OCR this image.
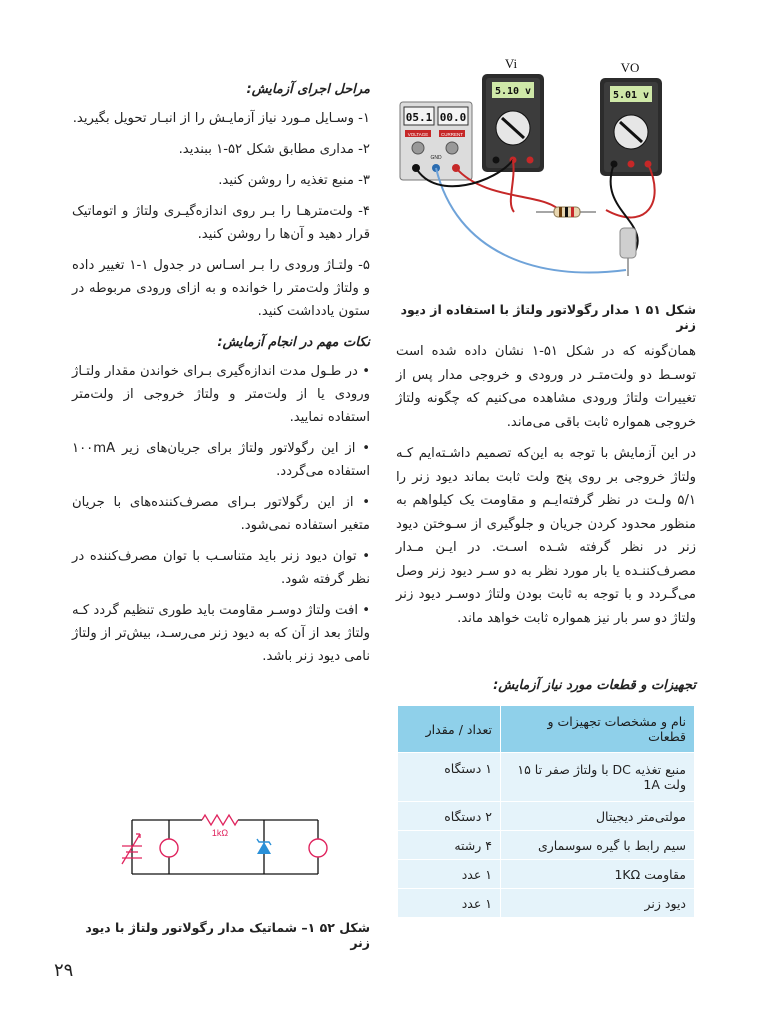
مراحل اجرای آزمایش:

۱- وسـایل مـورد نیاز آزمایـش را از انبـار تحویل بگیرید.

۲- مداری مطابق شکل ۵۲-۱ ببندید.

۳- منبع تغذیه را روشن کنید.

۴- ولت‌مترهـا را بـر روی اندازه‌گیـری ولتاژ و اتوماتیک قرار دهید و آن‌ها را روشن کنید.

۵- ولتـاژ ورودی را بـر اسـاس در جدول ۱-۱ تغییر داده و ولتاژ ولت‌متر را خوانده و به ازای ورودی مربوطه در ستون یادداشت کنید.

نکات مهم در انجام آزمایش:

• در طـول مدت اندازه‌گیری بـرای خواندن مقدار ولتـاژ ورودی یا از ولت‌متر و ولتاژ خروجی از ولت‌متر استفاده نمایید.

• از این رگولاتور ولتاژ برای جریان‌های زیر ۱۰۰mA استفاده می‌گردد.

• از این رگولاتور بـرای مصرف‌کننده‌های با جریان متغیر استفاده نمی‌شود.

• توان دیود زنر باید متناسـب با توان مصرف‌کننده در نظر گرفته شود.

• افت ولتاژ دوسـر مقاومت باید طوری تنظیم گردد کـه ولتاژ بعد از آن که به دیود زنر می‌رسـد، بیش‌تر از ولتاژ نامی دیود زنر باشد.

1kΩ

شکل ۵۲ ۱– شماتیک مدار رگولاتور ولتاژ با دیود زنر

Vi	VO
05.1 00.0
VOLTAGE	CURRENT
GND
5.10 v	5.01 v

شکل ۵۱ ۱ مدار رگولاتور ولتاژ با استفاده از دیود زنر

همان‌گونه که در شکل ۵۱-۱ نشان داده شده است توسـط دو ولت‌متـر در ورودی و خروجی مدار پس از تغییرات ولتاژ ورودی مشاهده می‌کنیم که چگونه ولتاژ خروجی همواره ثابت باقی می‌ماند.

در این آزمایش با توجه به این‌که تصمیم داشـته‌ایم کـه ولتاژ خروجی بر روی پنج ولت ثابت بماند دیود زنر را ۵/۱ ولـت در نظر گرفته‌ایـم و مقاومت یک کیلواهم به منظور محدود کردن جریان و جلوگیری از سـوختن دیود زنر در نظر گرفته شـده اسـت. در ایـن مـدار مصرف‌کننـده یا بار مورد نظر به دو سـر دیود زنر وصل می‌گـردد و با توجه به ثابت بودن ولتاژ دوسـر دیود زنر ولتاژ دو سر بار نیز همواره ثابت خواهد ماند.

تجهیزات و قطعات مورد نیاز آزمایش:

نام و مشخصات تجهیزات و قطعات	تعداد / مقدار
منبع تغذیه DC با ولتاژ صفر تا ۱۵ ولت 1A	۱ دستگاه
مولتی‌متر دیجیتال	۲ دستگاه
سیم رابط با گیره سوسماری	۴ رشته
مقاومت 1KΩ	۱ عدد
دیود زنر	۱ عدد
۲۹
